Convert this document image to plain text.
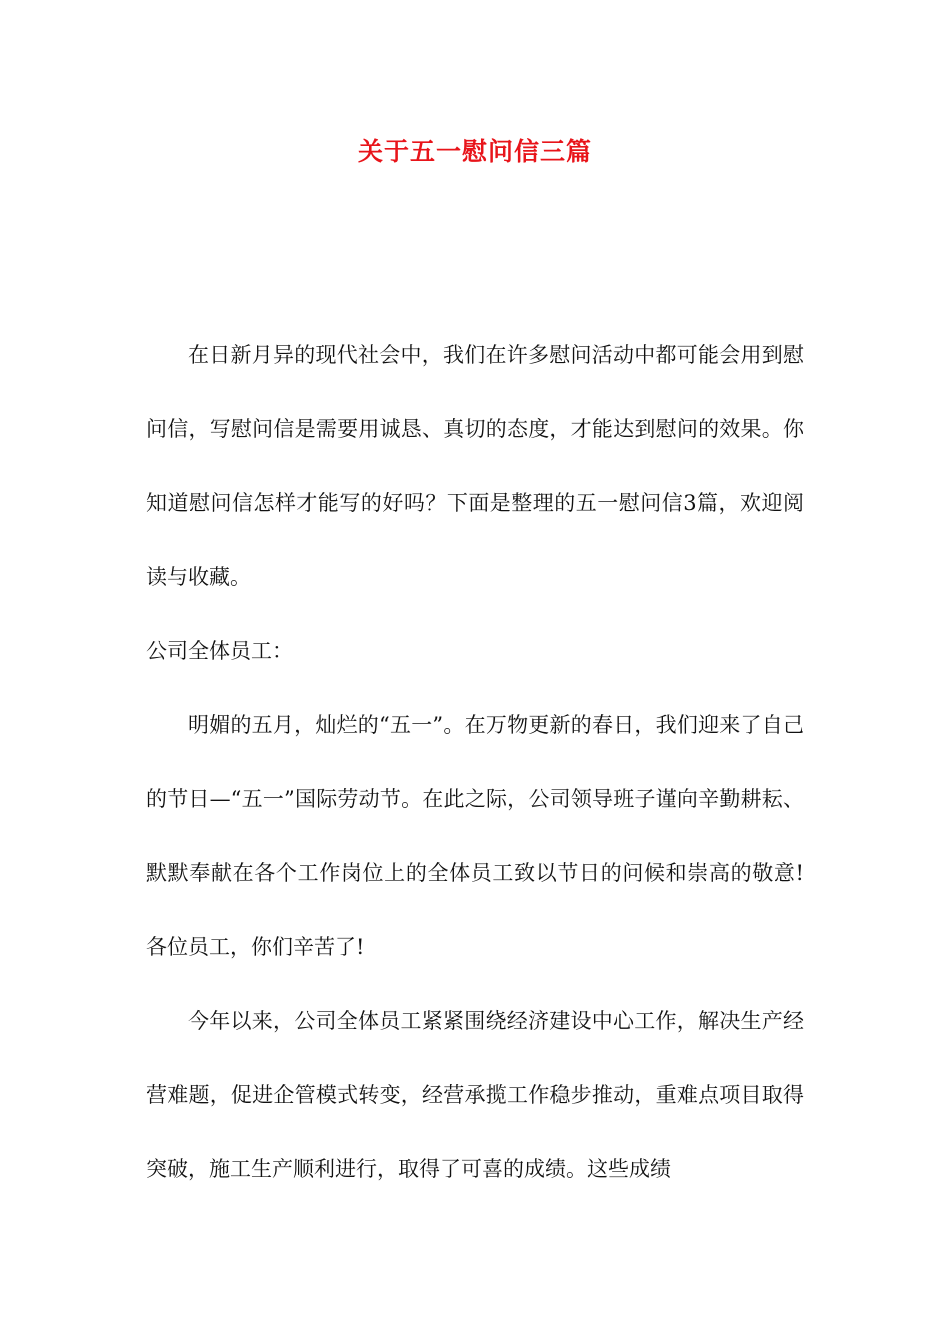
关于五一慰问信三篇

在日新月异的现代社会中，我们在许多慰问活动中都可能会用到慰问信，写慰问信是需要用诚恳、真切的态度，才能达到慰问的效果。你知道慰问信怎样才能写的好吗？下面是整理的五一慰问信3篇，欢迎阅读与收藏。

公司全体员工：

明媚的五月，灿烂的“五一”。在万物更新的春日，我们迎来了自己的节日—“五一”国际劳动节。在此之际，公司领导班子谨向辛勤耕耘、默默奉献在各个工作岗位上的全体员工致以节日的问候和崇高的敬意!各位员工，你们辛苦了!

今年以来，公司全体员工紧紧围绕经济建设中心工作，解决生产经营难题，促进企管模式转变，经营承揽工作稳步推动，重难点项目取得突破，施工生产顺利进行，取得了可喜的成绩。这些成绩
